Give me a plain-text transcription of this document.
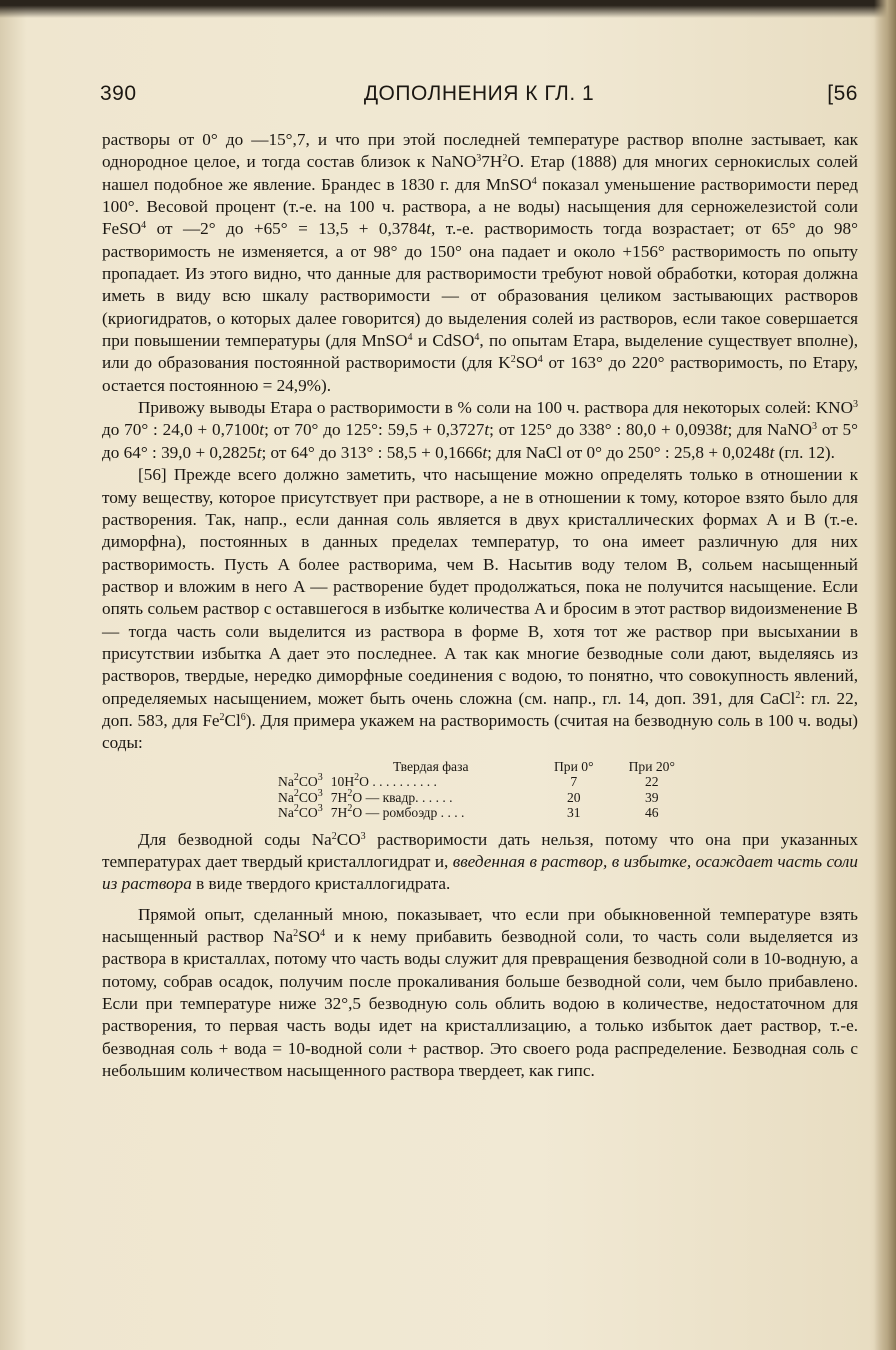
390	ДОПОЛНЕНИЯ К ГЛ. 1	[56

растворы от 0° до —15°,7, и что при этой последней температуре раствор вполне застывает, как однородное целое, и тогда состав близок к $NaNO^37H^2O$. Етар (1888) для многих сернокислых солей нашел подобное же явление. Брандес в 1830 г. для MnSO$^4$ показал уменьшение растворимости перед 100°. Весовой процент (т.-е. на 100 ч. раствора, а не воды) насыщения для серножелезистой соли FeSO$^4$ от —2° до +65° = 13,5 + 0,3784t, т.-е. растворимость тогда возрастает; от 65° до 98° растворимость не изменяется, а от 98° до 150° она падает и около +156° растворимость по опыту пропадает. Из этого видно, что данные для растворимости требуют новой обработки, которая должна иметь в виду всю шкалу растворимости — от образования целиком застывающих растворов (криогидратов, о которых далее говорится) до выделения солей из растворов, если такое совершается при повышении температуры (для MnSO$^4$ и CdSO$^4$, по опытам Етара, выделение существует вполне), или до образования постоянной растворимости (для $K^2SO^4$ от 163° до 220° растворимость, по Етару, остается постоянною = 24,9%).

Привожу выводы Етара о растворимости в % соли на 100 ч. раствора для некоторых солей: KNO$^3$ до 70° : 24,0 + 0,7100t; от 70° до 125°: 59,5 + 0,3727t; от 125° до 338° : 80,0 + 0,0938t; для NaNO$^3$ от 5° до 64° : 39,0 + 0,2825t; от 64° до 313° : 58,5 + 0,1666t; для NaCl от 0° до 250° : 25,8 + 0,0248t (гл. 12).

[56] Прежде всего должно заметить, что насыщение можно определять только в отношении к тому веществу, которое присутствует при растворе, а не в отношении к тому, которое взято было для растворения. Так, напр., если данная соль является в двух кристаллических формах A и B (т.-е. диморфна), постоянных в данных пределах температур, то она имеет различную для них растворимость. Пусть A более растворима, чем B. Насытив воду телом B, сольем насыщенный раствор и вложим в него A — растворение будет продолжаться, пока не получится насыщение. Если опять сольем раствор с оставшегося в избытке количества A и бросим в этот раствор видоизменение B — тогда часть соли выделится из раствора в форме B, хотя тот же раствор при высыхании в присутствии избытка A дает это последнее. А так как многие безводные соли дают, выделяясь из растворов, твердые, нередко диморфные соединения с водою, то понятно, что совокупность явлений, определяемых насыщением, может быть очень сложна (см. напр., гл. 14, доп. 391, для CaCl$^2$: гл. 22, доп. 583, для Fe$^2$Cl$^6$). Для примера укажем на растворимость (считая на безводную соль в 100 ч. воды) соды:

	Твердая фаза	При 0°	При 20°
$Na^2CO^3$	$10H^2O$ . . . . . . . . . .	7	22
$Na^2CO^3$	$7H^2O$ — квадр. . . . . .	20	39
$Na^2CO^3$	$7H^2O$ — ромбоэдр . . . .	31	46

Для безводной соды $Na^2CO^3$ растворимости дать нельзя, потому что она при указанных температурах дает твердый кристаллогидрат и, введенная в раствор, в избытке, осаждает часть соли из раствора в виде твердого кристаллогидрата.

Прямой опыт, сделанный мною, показывает, что если при обыкновенной температуре взять насыщенный раствор $Na^2SO^4$ и к нему прибавить безводной соли, то часть соли выделяется из раствора в кристаллах, потому что часть воды служит для превращения безводной соли в 10-водную, а потому, собрав осадок, получим после прокаливания больше безводной соли, чем было прибавлено. Если при температуре ниже 32°,5 безводную соль облить водою в количестве, недостаточном для растворения, то первая часть воды идет на кристаллизацию, а только избыток дает раствор, т.-е. безводная соль + вода = 10-водной соли + раствор. Это своего рода распределение. Безводная соль с небольшим количеством насыщенного раствора твердеет, как гипс.
